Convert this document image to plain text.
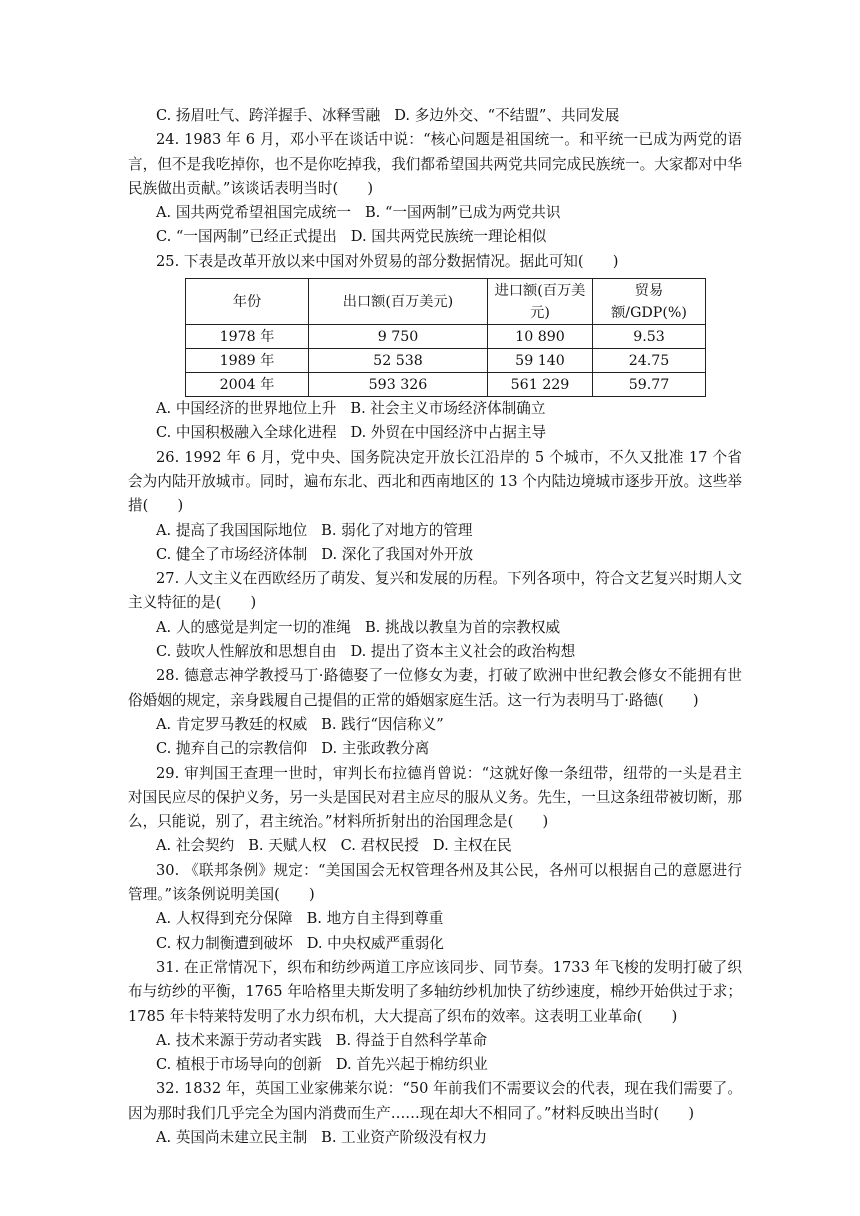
C. 扬眉吐气、跨洋握手、冰释雪融 D. 多边外交、“不结盟”、共同发展

24. 1983 年 6 月，邓小平在谈话中说：“核心问题是祖国统一。和平统一已成为两党的语言，但不是我吃掉你，也不是你吃掉我，我们都希望国共两党共同完成民族统一。大家都对中华民族做出贡献。”该谈话表明当时(　　)

A. 国共两党希望祖国完成统一 B. “一国两制”已成为两党共识

C. “一国两制”已经正式提出 D. 国共两党民族统一理论相似

25. 下表是改革开放以来中国对外贸易的部分数据情况。据此可知(　　)

年份	出口额(百万美元)	进口额(百万美元)	贸易额/GDP(%)
1978 年	9 750	10 890	9.53
1989 年	52 538	59 140	24.75
2004 年	593 326	561 229	59.77

A. 中国经济的世界地位上升 B. 社会主义市场经济体制确立

C. 中国积极融入全球化进程 D. 外贸在中国经济中占据主导

26. 1992 年 6 月，党中央、国务院决定开放长江沿岸的 5 个城市，不久又批准 17 个省会为内陆开放城市。同时，遍布东北、西北和西南地区的 13 个内陆边境城市逐步开放。这些举措(　　)

A. 提高了我国国际地位 B. 弱化了对地方的管理

C. 健全了市场经济体制 D. 深化了我国对外开放

27. 人文主义在西欧经历了萌发、复兴和发展的历程。下列各项中，符合文艺复兴时期人文主义特征的是(　　)

A. 人的感觉是判定一切的准绳 B. 挑战以教皇为首的宗教权威

C. 鼓吹人性解放和思想自由 D. 提出了资本主义社会的政治构想

28. 德意志神学教授马丁·路德娶了一位修女为妻，打破了欧洲中世纪教会修女不能拥有世俗婚姻的规定，亲身践履自己提倡的正常的婚姻家庭生活。这一行为表明马丁·路德(　　)

A. 肯定罗马教廷的权威 B. 践行“因信称义”

C. 抛弃自己的宗教信仰 D. 主张政教分离

29. 审判国王查理一世时，审判长布拉德肖曾说：“这就好像一条纽带，纽带的一头是君主对国民应尽的保护义务，另一头是国民对君主应尽的服从义务。先生，一旦这条纽带被切断，那么，只能说，别了，君主统治。”材料所折射出的治国理念是(　　)

A. 社会契约 B. 天赋人权 C. 君权民授 D. 主权在民

30. 《联邦条例》规定：“美国国会无权管理各州及其公民，各州可以根据自己的意愿进行管理。”该条例说明美国(　　)

A. 人权得到充分保障 B. 地方自主得到尊重

C. 权力制衡遭到破坏 D. 中央权威严重弱化

31. 在正常情况下，织布和纺纱两道工序应该同步、同节奏。1733 年飞梭的发明打破了织布与纺纱的平衡，1765 年哈格里夫斯发明了多轴纺纱机加快了纺纱速度，棉纱开始供过于求；1785 年卡特莱特发明了水力织布机，大大提高了织布的效率。这表明工业革命(　　)

A. 技术来源于劳动者实践 B. 得益于自然科学革命

C. 植根于市场导向的创新 D. 首先兴起于棉纺织业

32. 1832 年，英国工业家佛莱尔说：“50 年前我们不需要议会的代表，现在我们需要了。因为那时我们几乎完全为国内消费而生产……现在却大不相同了。”材料反映出当时(　　)

A. 英国尚未建立民主制 B. 工业资产阶级没有权力
